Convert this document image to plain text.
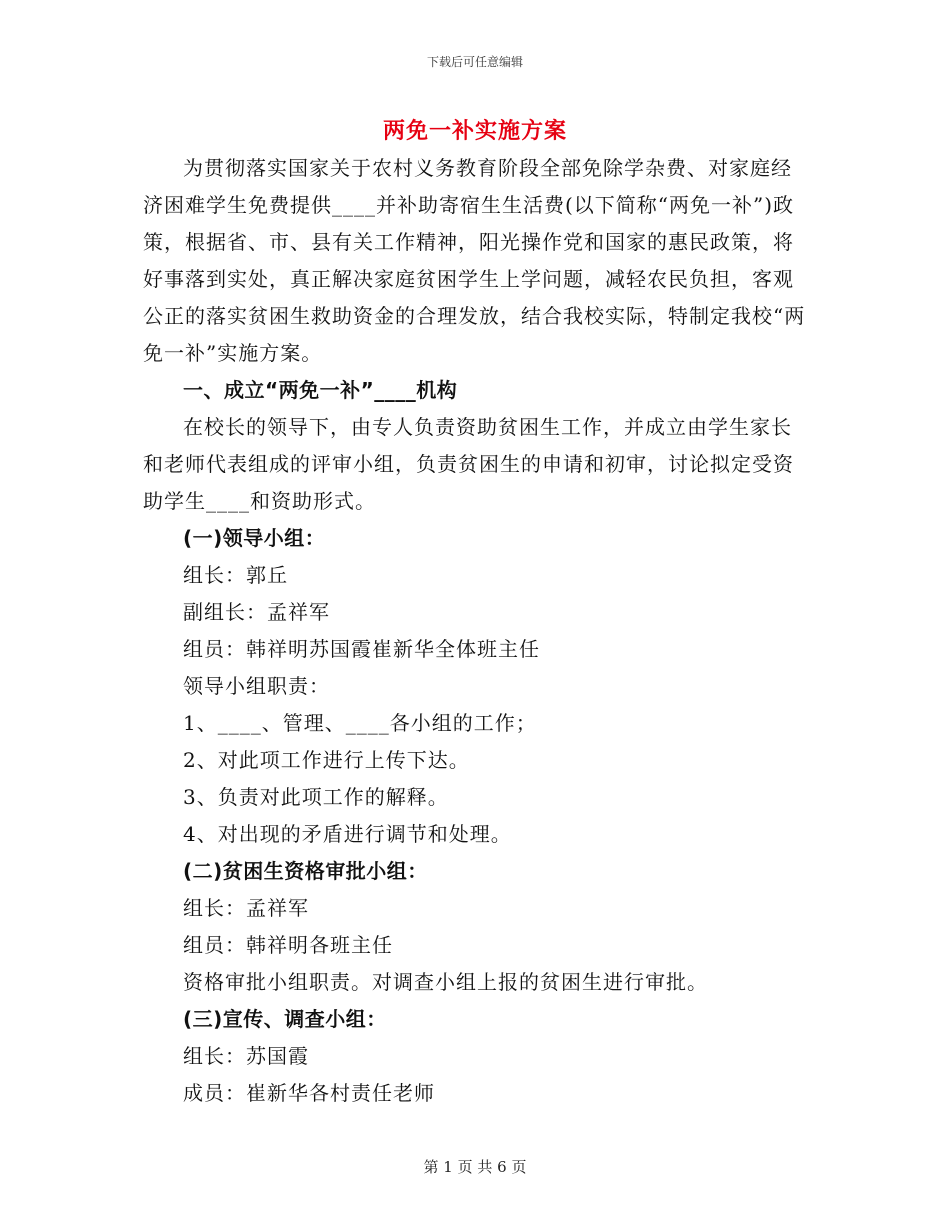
下载后可任意编辑
两免一补实施方案

为贯彻落实国家关于农村义务教育阶段全部免除学杂费、对家庭经济困难学生免费提供____并补助寄宿生生活费(以下简称“两免一补”)政策，根据省、市、县有关工作精神，阳光操作党和国家的惠民政策，将好事落到实处，真正解决家庭贫困学生上学问题，减轻农民负担，客观公正的落实贫困生救助资金的合理发放，结合我校实际，特制定我校“两免一补”实施方案。

一、成立“两免一补”____机构

在校长的领导下，由专人负责资助贫困生工作，并成立由学生家长和老师代表组成的评审小组，负责贫困生的申请和初审，讨论拟定受资助学生____和资助形式。

(一)领导小组：

组长：郭丘

副组长：孟祥军

组员：韩祥明苏国霞崔新华全体班主任

领导小组职责：

1、____、管理、____各小组的工作；

2、对此项工作进行上传下达。

3、负责对此项工作的解释。

4、对出现的矛盾进行调节和处理。

(二)贫困生资格审批小组：

组长：孟祥军

组员：韩祥明各班主任

资格审批小组职责。对调查小组上报的贫困生进行审批。

(三)宣传、调查小组：

组长：苏国霞

成员：崔新华各村责任老师

第 1 页 共 6 页
